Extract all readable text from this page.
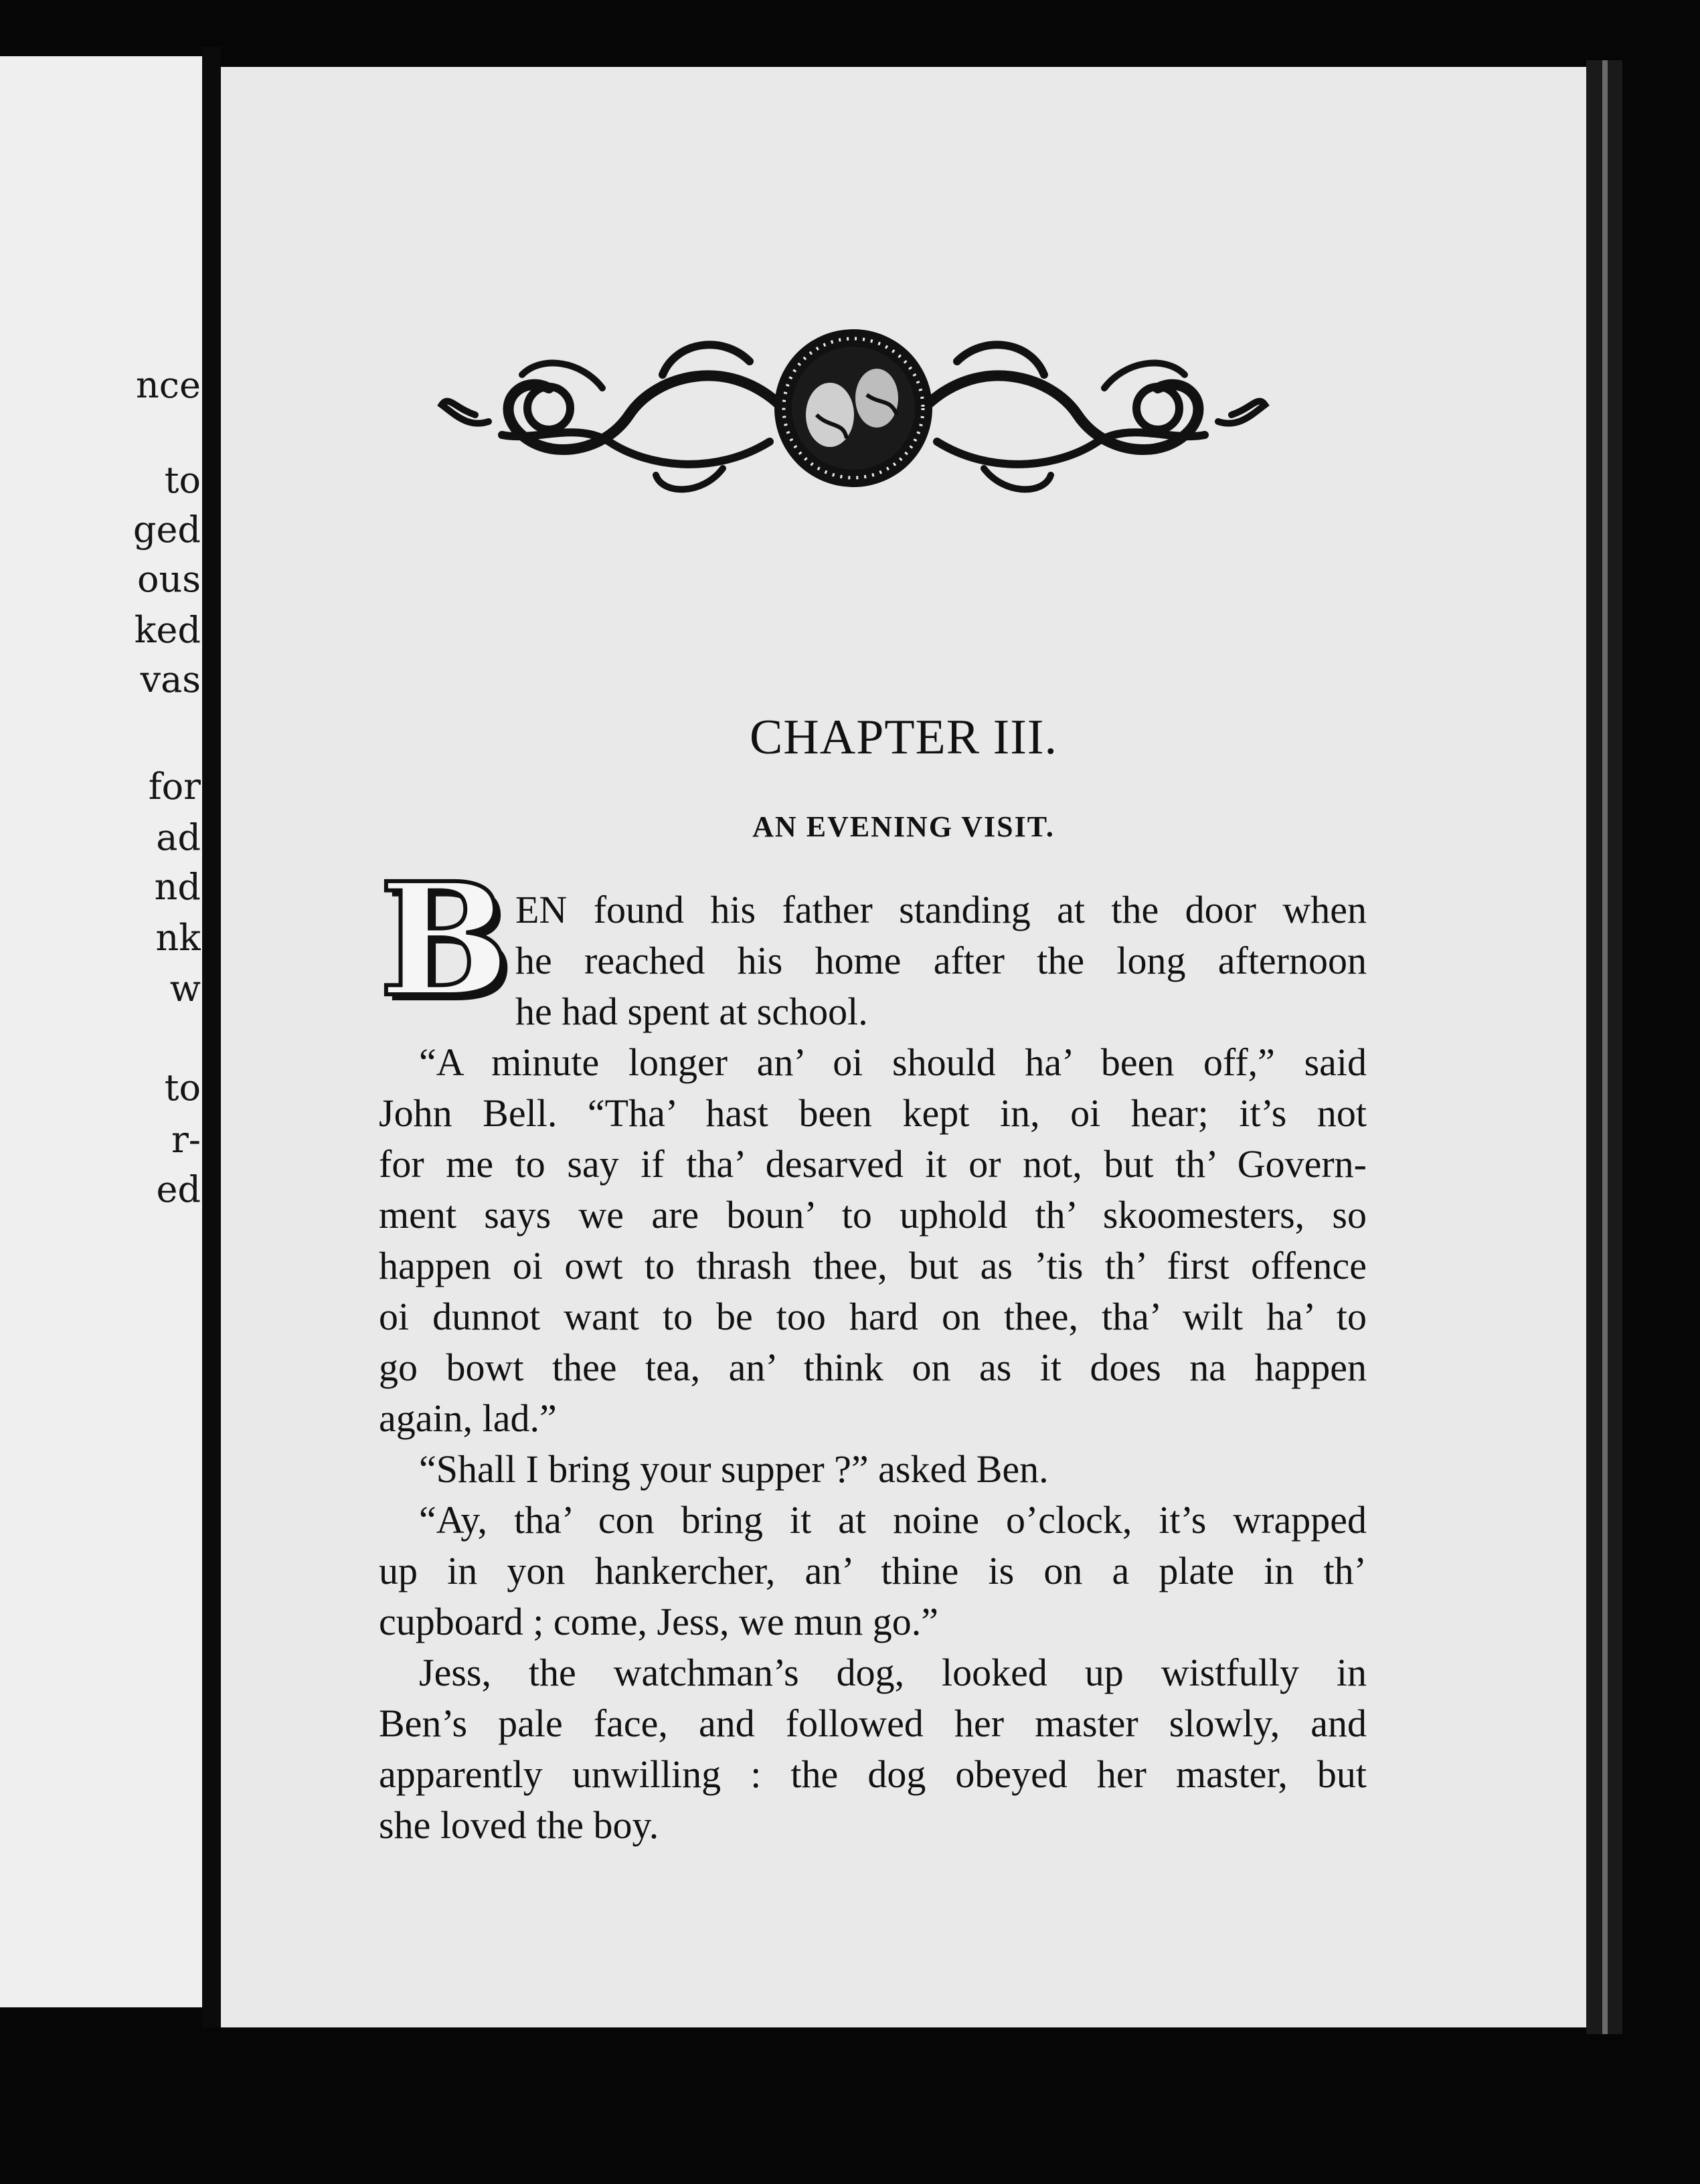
nce
to
ged
ous
ked
vas
for
ad
nd
nk
w
to
r-
ed
CHAPTER III.
AN EVENING VISIT.
B EN found his father standing at the door when
he reached his home after the long afternoon
he had spent at school.
“A minute longer an’ oi should ha’ been off,” said
John Bell. “Tha’ hast been kept in, oi hear; it’s not
for me to say if tha’ desarved it or not, but th’ Govern-
ment says we are boun’ to uphold th’ skoomesters, so
happen oi owt to thrash thee, but as ’tis th’ first offence
oi dunnot want to be too hard on thee, tha’ wilt ha’ to
go bowt thee tea, an’ think on as it does na happen
again, lad.”
“Shall I bring your supper ?” asked Ben.
“Ay, tha’ con bring it at noine o’clock, it’s wrapped
up in yon hankercher, an’ thine is on a plate in th’
cupboard ; come, Jess, we mun go.”
Jess, the watchman’s dog, looked up wistfully in
Ben’s pale face, and followed her master slowly, and
apparently unwilling : the dog obeyed her master, but
she loved the boy.
